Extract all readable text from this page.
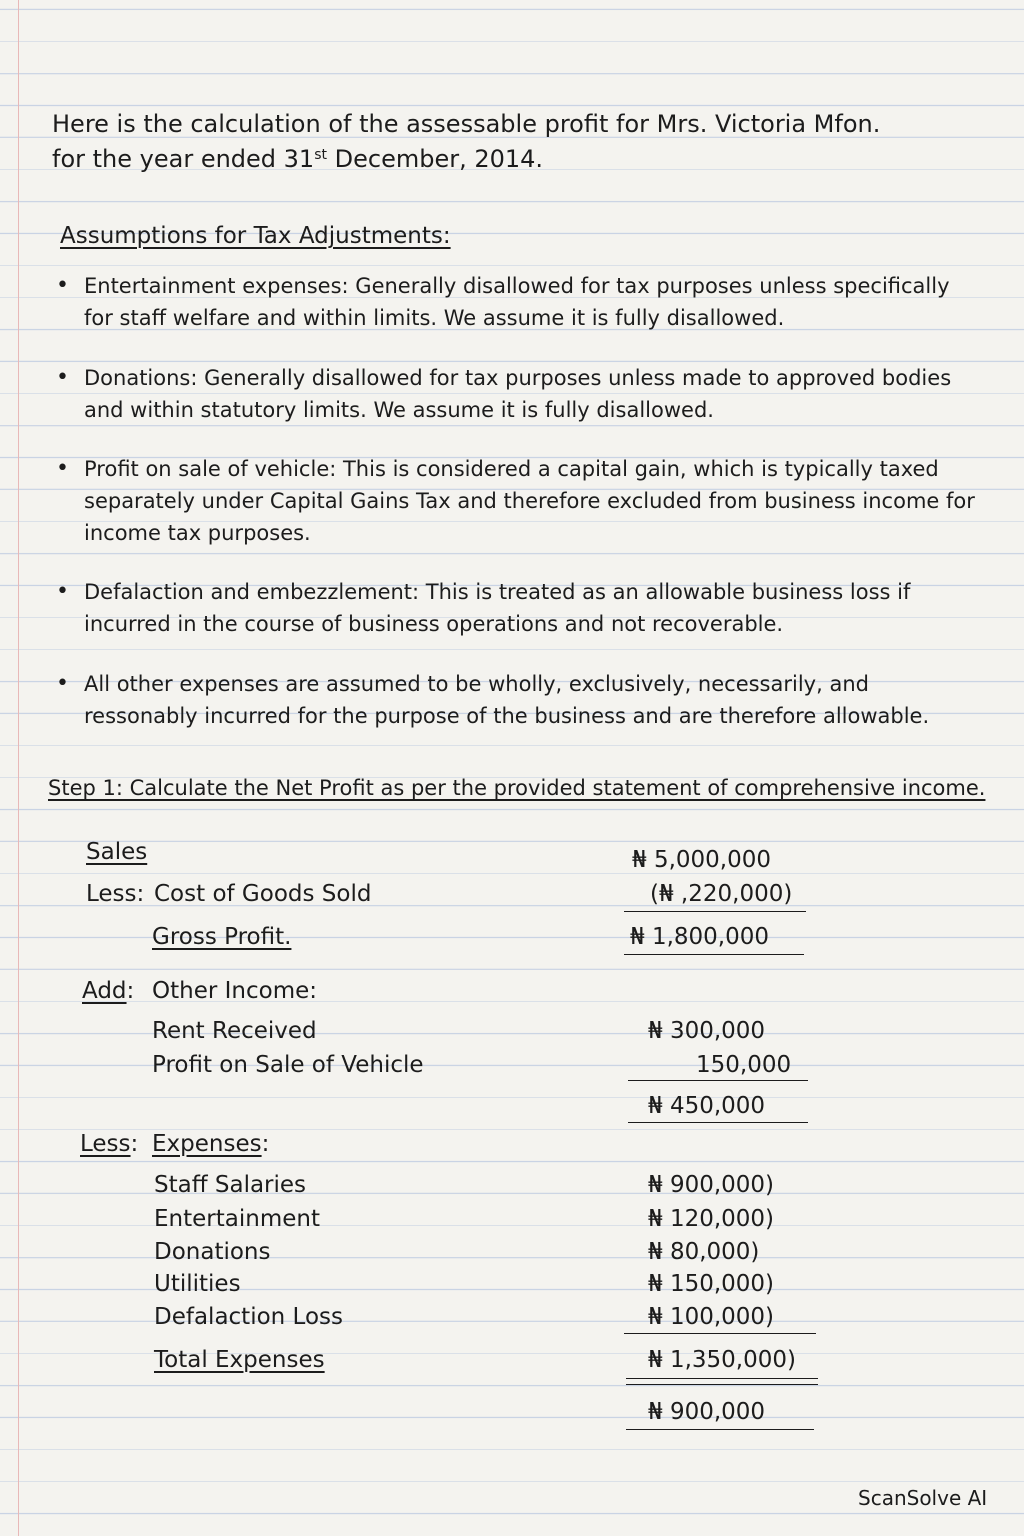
Here is the calculation of the assessable profit for Mrs. Victoria Mfon.
for the year ended 31st December, 2014.
Assumptions for Tax Adjustments:
• Entertainment expenses: Generally disallowed for tax purposes unless specifically for staff welfare and within limits. We assume it is fully disallowed.
• Donations: Generally disallowed for tax purposes unless made to approved bodies and within statutory limits. We assume it is fully disallowed.
• Profit on sale of vehicle: This is considered a capital gain, which is typically taxed separately under Capital Gains Tax and therefore excluded from business income for income tax purposes.
• Defalaction and embezzlement: This is treated as an allowable business loss if incurred in the course of business operations and not recoverable.
• All other expenses are assumed to be wholly, exclusively, necessarily, and ressonably incurred for the purpose of the business and are therefore allowable.
Step 1: Calculate the Net Profit as per the provided statement of comprehensive income.
Sales	₦ 5,000,000
Less: Cost of Goods Sold	(₦ ,220,000)
Gross Profit.	₦ 1,800,000
Add: Other Income:
Rent Received	₦ 300,000
Profit on Sale of Vehicle	150,000
₦ 450,000
Less: Expenses:
Staff Salaries	₦ 900,000)
Entertainment	₦ 120,000)
Donations	₦ 80,000)
Utilities	₦ 150,000)
Defalaction Loss	₦ 100,000)
Total Expenses	₦ 1,350,000)
₦ 900,000
ScanSolve AI
